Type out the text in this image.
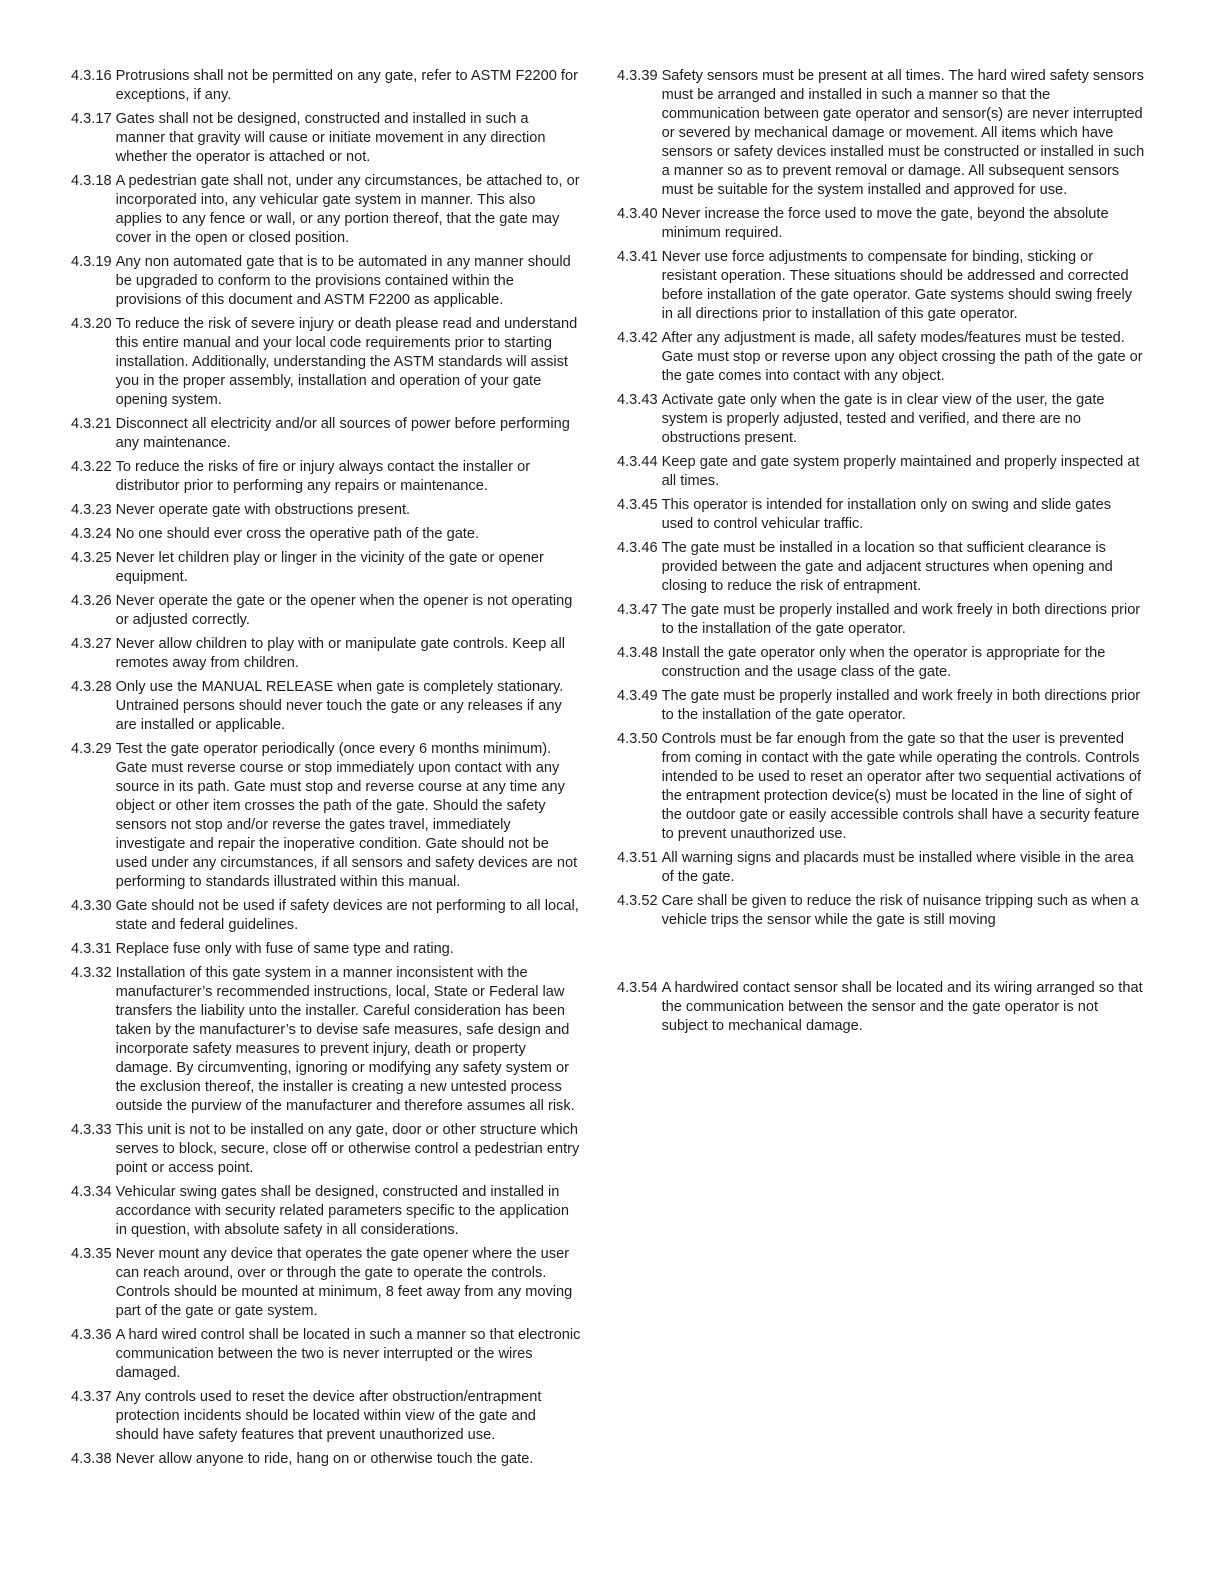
4.3.16 Protrusions shall not be permitted on any gate, refer to ASTM F2200 for exceptions, if any.
4.3.17 Gates shall not be designed, constructed and installed in such a manner that gravity will cause or initiate movement in any direction whether the operator is attached or not.
4.3.18 A pedestrian gate shall not, under any circumstances, be attached to, or incorporated into, any vehicular gate system in manner. This also applies to any fence or wall, or any portion thereof, that the gate may cover in the open or closed position.
4.3.19 Any non automated gate that is to be automated in any manner should be upgraded to conform to the provisions contained within the provisions of this document and ASTM F2200 as applicable.
4.3.20 To reduce the risk of severe injury or death please read and understand this entire manual and your local code requirements prior to starting installation. Additionally, understanding the ASTM standards will assist you in the proper assembly, installation and operation of your gate opening system.
4.3.21 Disconnect all electricity and/or all sources of power before performing any maintenance.
4.3.22 To reduce the risks of fire or injury always contact the installer or distributor prior to performing any repairs or maintenance.
4.3.23 Never operate gate with obstructions present.
4.3.24 No one should ever cross the operative path of the gate.
4.3.25 Never let children play or linger in the vicinity of the gate or opener equipment.
4.3.26 Never operate the gate or the opener when the opener is not operating or adjusted correctly.
4.3.27 Never allow children to play with or manipulate gate controls. Keep all remotes away from children.
4.3.28 Only use the MANUAL RELEASE when gate is completely stationary. Untrained persons should never touch the gate or any releases if any are installed or applicable.
4.3.29 Test the gate operator periodically (once every 6 months minimum). Gate must reverse course or stop immediately upon contact with any source in its path. Gate must stop and reverse course at any time any object or other item crosses the path of the gate. Should the safety sensors not stop and/or reverse the gates travel, immediately investigate and repair the inoperative condition. Gate should not be used under any circumstances, if all sensors and safety devices are not performing to standards illustrated within this manual.
4.3.30 Gate should not be used if safety devices are not performing to all local, state and federal guidelines.
4.3.31 Replace fuse only with fuse of same type and rating.
4.3.32 Installation of this gate system in a manner inconsistent with the manufacturer’s recommended instructions, local, State or Federal law transfers the liability unto the installer. Careful consideration has been taken by the manufacturer’s to devise safe measures, safe design and incorporate safety measures to prevent injury, death or property damage. By circumventing, ignoring or modifying any safety system or the exclusion thereof, the installer is creating a new untested process outside the purview of the manufacturer and therefore assumes all risk.
4.3.33 This unit is not to be installed on any gate, door or other structure which serves to block, secure, close off or otherwise control a pedestrian entry point or access point.
4.3.34 Vehicular swing gates shall be designed, constructed and installed in accordance with security related parameters specific to the application in question, with absolute safety in all considerations.
4.3.35 Never mount any device that operates the gate opener where the user can reach around, over or through the gate to operate the controls. Controls should be mounted at minimum, 8 feet away from any moving part of the gate or gate system.
4.3.36 A hard wired control shall be located in such a manner so that electronic communication between the two is never interrupted or the wires damaged.
4.3.37 Any controls used to reset the device after obstruction/entrapment protection incidents should be located within view of the gate and should have safety features that prevent unauthorized use.
4.3.38 Never allow anyone to ride, hang on or otherwise touch the gate.
4.3.39 Safety sensors must be present at all times. The hard wired safety sensors must be arranged and installed in such a manner so that the communication between gate operator and sensor(s) are never interrupted or severed by mechanical damage or movement. All items which have sensors or safety devices installed must be constructed or installed in such a manner so as to prevent removal or damage. All subsequent sensors must be suitable for the system installed and approved for use.
4.3.40 Never increase the force used to move the gate, beyond the absolute minimum required.
4.3.41 Never use force adjustments to compensate for binding, sticking or resistant operation. These situations should be addressed and corrected before installation of the gate operator. Gate systems should swing freely in all directions prior to installation of this gate operator.
4.3.42 After any adjustment is made, all safety modes/features must be tested. Gate must stop or reverse upon any object crossing the path of the gate or the gate comes into contact with any object.
4.3.43 Activate gate only when the gate is in clear view of the user, the gate system is properly adjusted, tested and verified, and there are no obstructions present.
4.3.44 Keep gate and gate system properly maintained and properly inspected at all times.
4.3.45 This operator is intended for installation only on swing and slide gates used to control vehicular traffic.
4.3.46 The gate must be installed in a location so that sufficient clearance is provided between the gate and adjacent structures when opening and closing to reduce the risk of entrapment.
4.3.47 The gate must be properly installed and work freely in both directions prior to the installation of the gate operator.
4.3.48 Install the gate operator only when the operator is appropriate for the construction and the usage class of the gate.
4.3.49 The gate must be properly installed and work freely in both directions prior to the installation of the gate operator.
4.3.50 Controls must be far enough from the gate so that the user is prevented from coming in contact with the gate while operating the controls. Controls intended to be used to reset an operator after two sequential activations of the entrapment protection device(s) must be located in the line of sight of the outdoor gate or easily accessible controls shall have a security feature to prevent unauthorized use.
4.3.51 All warning signs and placards must be installed where visible in the area of the gate.
4.3.52 Care shall be given to reduce the risk of nuisance tripping such as when a vehicle trips the sensor while the gate is still moving
4.3.54 A hardwired contact sensor shall be located and its wiring arranged so that the communication between the sensor and the gate operator is not subject to mechanical damage.
